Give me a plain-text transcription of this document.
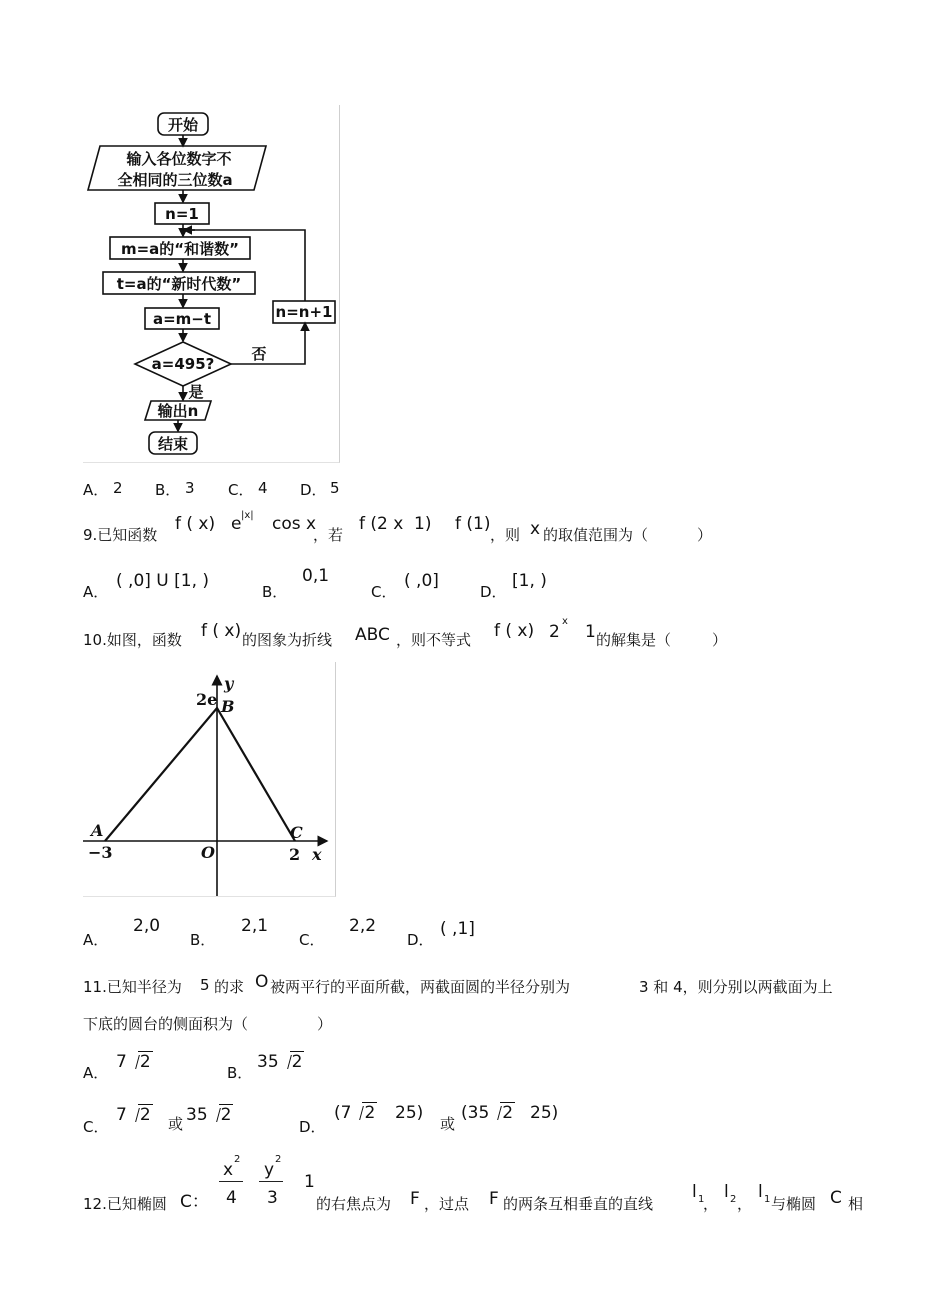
开始
输入各位数字不
全相同的三位数a
n=1
m=a的“和谐数”
t=a的“新时代数”
a=m−t
a=495?
否
是
n=n+1
输出n
结束
A． 2 B． 3 C． 4 D． 5
9.已知函数
f ( x) e |x| cos x
，若
f (2 x 1) f (1)
，则 x 的取值范围为（	）
A．
( ,0] U [1, )
B．
0,1
C．
( ,0]
D．
[1, )
10.如图，函数 f ( x) 的图象为折线 ABC ，则不等式 f ( x) 2
x
1 的解集是（	）
y
x
B
A
O
C
2e
−3	2
A．
2,0
B．
2,1
C．
2,2
D．
( ,1]
11.已知半径为 5 的求 O 被两平行的平面所截，两截面圆的半径分别为	3 和 4，则分别以两截面为上
下底的圆台的侧面积为（	）
A．
7 2
B．
35 2
C．
7 2 或 35 2
D．
(7 2 25)
或
(35 2 25)
12.已知椭圆 C：
x
2
4
y
2
3
1
的右焦点为 F ，过点 F 的两条互相垂直的直线
l 1
，
l 2 ，
l 1 与椭圆 C 相
